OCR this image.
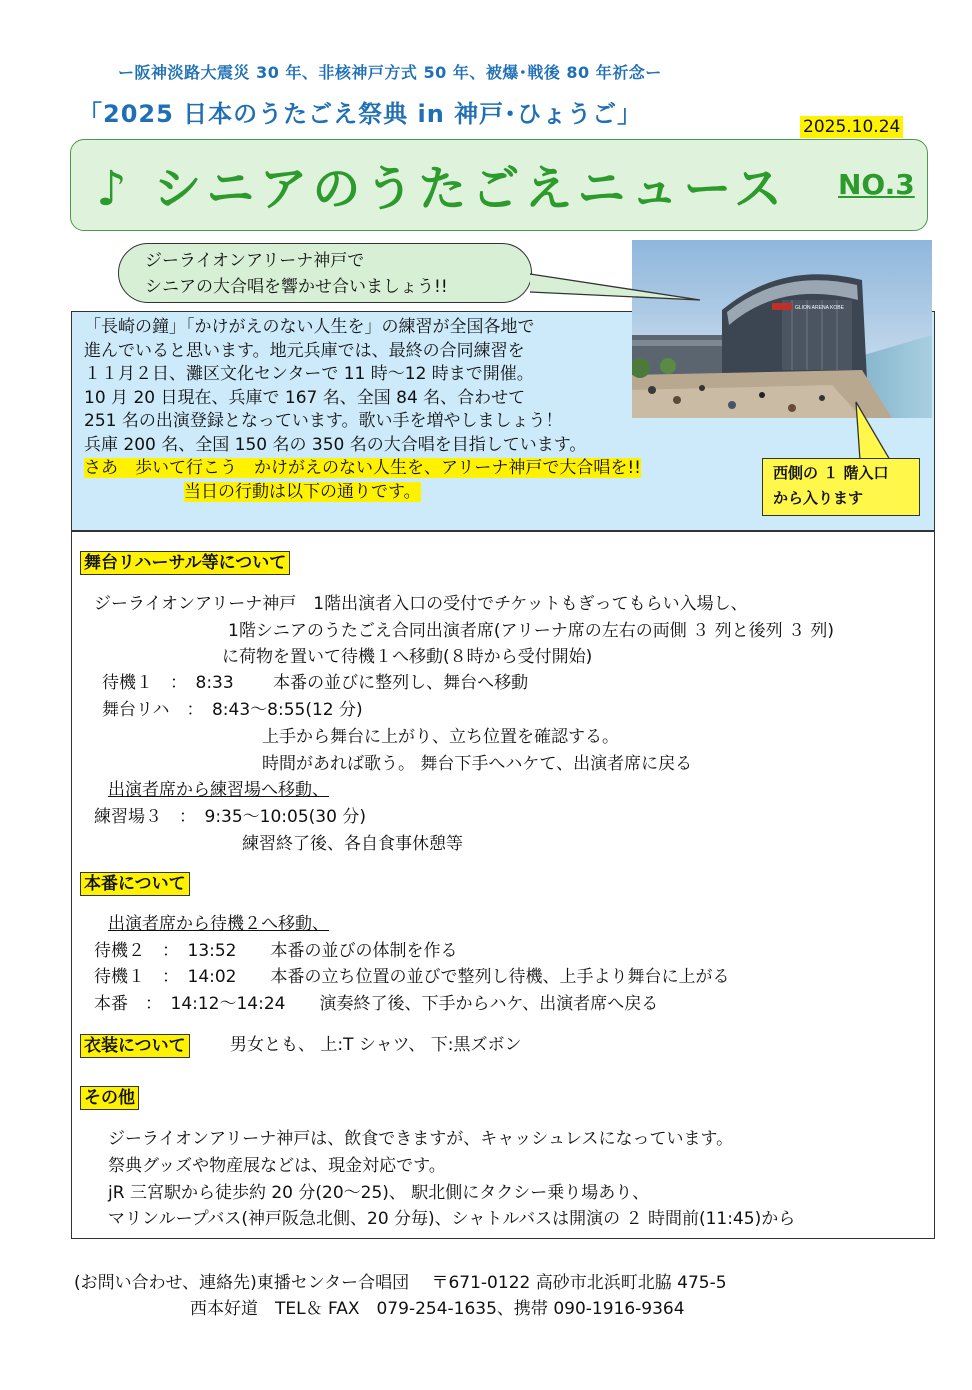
ー阪神淡路大震災 30 年、非核神戸方式 50 年、被爆･戦後 80 年祈念ー
「2025 日本のうたごえ祭典 in 神戸･ひょうご」	2025.10.24
♪ シニアのうたごえニュース NO.3
ジーライオンアリーナ神戸で
シニアの大合唱を響かせ合いましょう!!
GLION ARENA KOBE
「長崎の鐘」「かけがえのない人生を」の練習が全国各地で
進んでいると思います。地元兵庫では、最終の合同練習を
１１月２日、灘区文化センターで 11 時～12 時まで開催。
10 月 20 日現在、兵庫で 167 名、全国 84 名、合わせて
251 名の出演登録となっています。歌い手を増やしましょう！
兵庫 200 名、全国 150 名の 350 名の大合唱を目指しています。
さあ　歩いて行こう　かけがえのない人生を、アリーナ神戸で大合唱を!!
当日の行動は以下の通りです。
西側の １ 階入口
から入ります
舞台リハーサル等について
ジーライオンアリーナ神戸　1階出演者入口の受付でチケットもぎってもらい入場し、
1階シニアのうたごえ合同出演者席(アリーナ席の左右の両側 ３ 列と後列 ３ 列)
に荷物を置いて待機１へ移動(８時から受付開始)
待機１　：　8:33　　 本番の並びに整列し、舞台へ移動
舞台リハ　：　8:43～8:55(12 分)
上手から舞台に上がり、立ち位置を確認する。
時間があれば歌う。 舞台下手へハケて、出演者席に戻る
出演者席から練習場へ移動、
練習場３　：　9:35～10:05(30 分)
練習終了後、各自食事休憩等
本番について
出演者席から待機２へ移動、
待機２　：　13:52　　本番の並びの体制を作る
待機１　：　14:02　　本番の立ち位置の並びで整列し待機、上手より舞台に上がる
本番　：　14:12～14:24　　演奏終了後、下手からハケ、出演者席へ戻る
衣装について	男女とも、 上:T シャツ、 下:黒ズボン
その他
ジーライオンアリーナ神戸は、飲食できますが、キャッシュレスになっています。
祭典グッズや物産展などは、現金対応です。
jR 三宮駅から徒歩約 20 分(20～25)、 駅北側にタクシー乗り場あり、
マリンループバス(神戸阪急北側、20 分毎)、シャトルバスは開演の ２ 時間前(11:45)から
(お問い合わせ、連絡先)東播センター合唱団　 〒671-0122 高砂市北浜町北脇 475-5
西本好道　TEL＆ FAX　079-254-1635、携帯 090-1916-9364
